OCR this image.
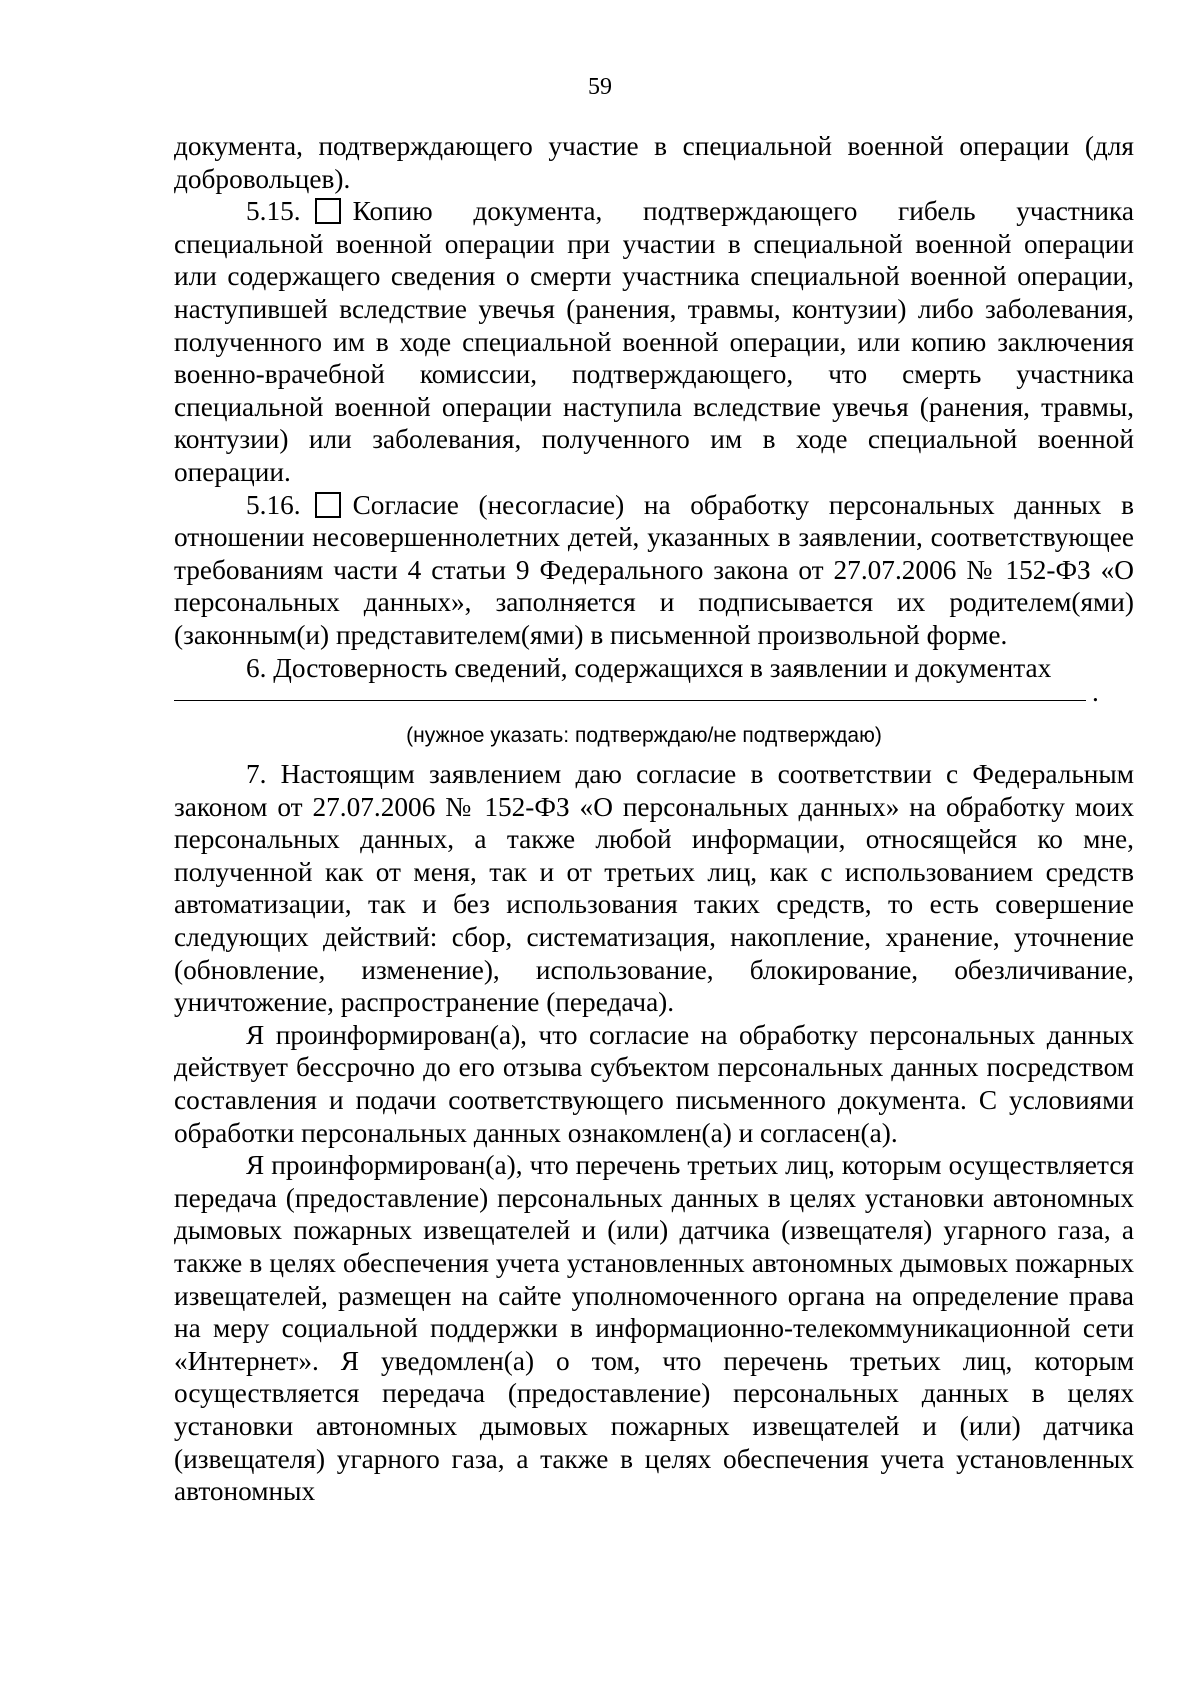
59

документа, подтверждающего участие в специальной военной операции (для добровольцев).

5.15. Копию документа, подтверждающего гибель участника специальной военной операции при участии в специальной военной операции или содержащего сведения о смерти участника специальной военной операции, наступившей вследствие увечья (ранения, травмы, контузии) либо заболевания, полученного им в ходе специальной военной операции, или копию заключения военно-врачебной комиссии, подтверждающего, что смерть участника специальной военной операции наступила вследствие увечья (ранения, травмы, контузии) или заболевания, полученного им в ходе специальной военной операции.

5.16. Согласие (несогласие) на обработку персональных данных в отношении несовершеннолетних детей, указанных в заявлении, соответствующее требованиям части 4 статьи 9 Федерального закона от 27.07.2006 № 152-ФЗ «О персональных данных», заполняется и подписывается их родителем(ями) (законным(и) представителем(ями) в письменной произвольной форме.

6. Достоверность сведений, содержащихся в заявлении и документах

.
(нужное указать: подтверждаю/не подтверждаю)

7. Настоящим заявлением даю согласие в соответствии с Федеральным законом от 27.07.2006 № 152-ФЗ «О персональных данных» на обработку моих персональных данных, а также любой информации, относящейся ко мне, полученной как от меня, так и от третьих лиц, как с использованием средств автоматизации, так и без использования таких средств, то есть совершение следующих действий: сбор, систематизация, накопление, хранение, уточнение (обновление, изменение), использование, блокирование, обезличивание, уничтожение, распространение (передача).

Я проинформирован(а), что согласие на обработку персональных данных действует бессрочно до его отзыва субъектом персональных данных посредством составления и подачи соответствующего письменного документа. С условиями обработки персональных данных ознакомлен(а) и согласен(а).

Я проинформирован(а), что перечень третьих лиц, которым осуществляется передача (предоставление) персональных данных в целях установки автономных дымовых пожарных извещателей и (или) датчика (извещателя) угарного газа, а также в целях обеспечения учета установленных автономных дымовых пожарных извещателей, размещен на сайте уполномоченного органа на определение права на меру социальной поддержки в информационно-телекоммуникационной сети «Интернет». Я уведомлен(а) о том, что перечень третьих лиц, которым осуществляется передача (предоставление) персональных данных в целях установки автономных дымовых пожарных извещателей и (или) датчика (извещателя) угарного газа, а также в целях обеспечения учета установленных автономных
